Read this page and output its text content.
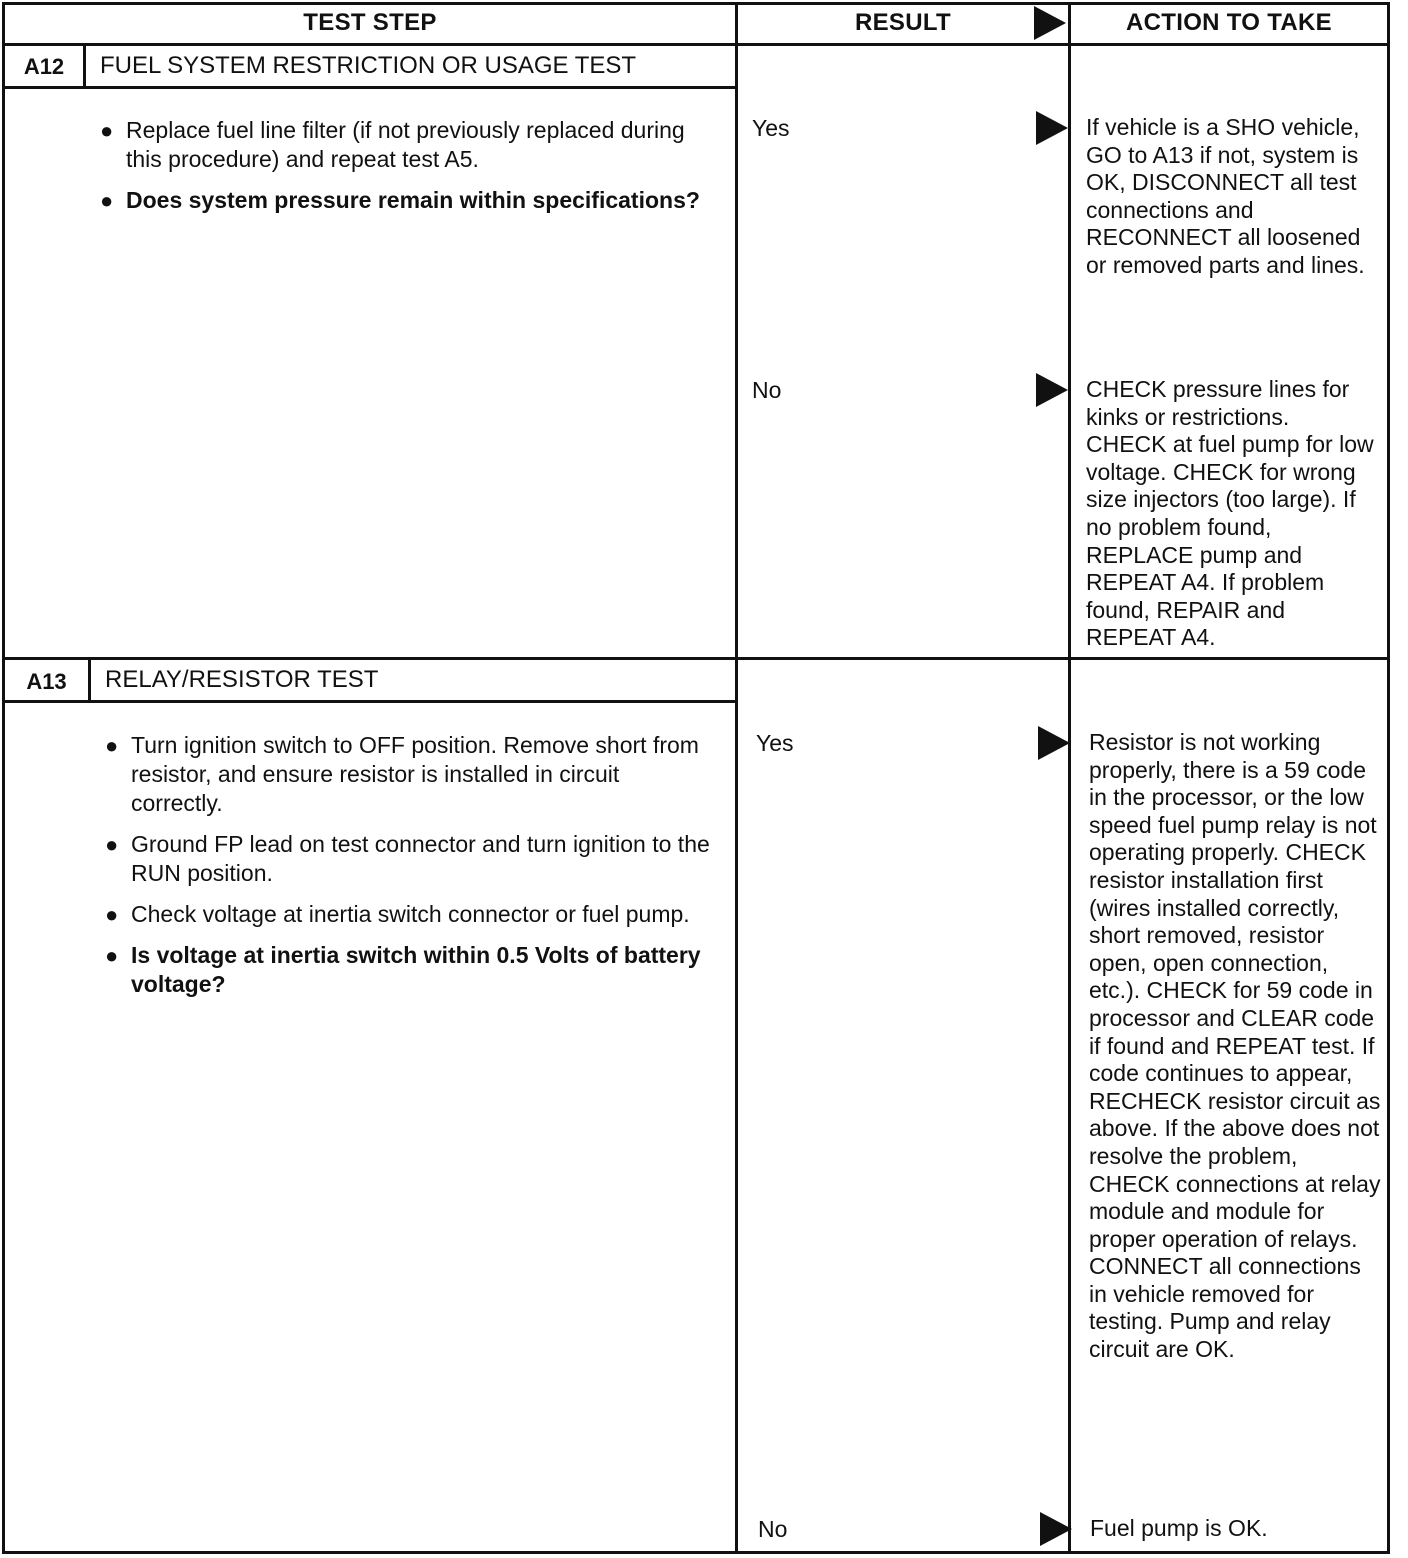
TEST STEP	RESULT	ACTION TO TAKE
A12	FUEL SYSTEM RESTRICTION OR USAGE TEST
● Replace fuel line filter (if not previously replaced during this procedure) and repeat test A5.
● Does system pressure remain within specifications?
Yes	If vehicle is a SHO vehicle, GO to A13 if not, system is OK, DISCONNECT all test connections and RECONNECT all loosened or removed parts and lines.
No	CHECK pressure lines for kinks or restrictions. CHECK at fuel pump for low voltage. CHECK for wrong size injectors (too large). If no problem found, REPLACE pump and REPEAT A4. If problem found, REPAIR and REPEAT A4.
A13	RELAY/RESISTOR TEST
● Turn ignition switch to OFF position. Remove short from resistor, and ensure resistor is installed in circuit correctly.
● Ground FP lead on test connector and turn ignition to the RUN position.
● Check voltage at inertia switch connector or fuel pump.
● Is voltage at inertia switch within 0.5 Volts of battery voltage?
Yes	Resistor is not working properly, there is a 59 code in the processor, or the low speed fuel pump relay is not operating properly. CHECK resistor installation first (wires installed correctly, short removed, resistor open, open connection, etc.). CHECK for 59 code in processor and CLEAR code if found and REPEAT test. If code continues to appear, RECHECK resistor circuit as above. If the above does not resolve the problem, CHECK connections at relay module and module for proper operation of relays. CONNECT all connections in vehicle removed for testing. Pump and relay circuit are OK.
No	Fuel pump is OK.
